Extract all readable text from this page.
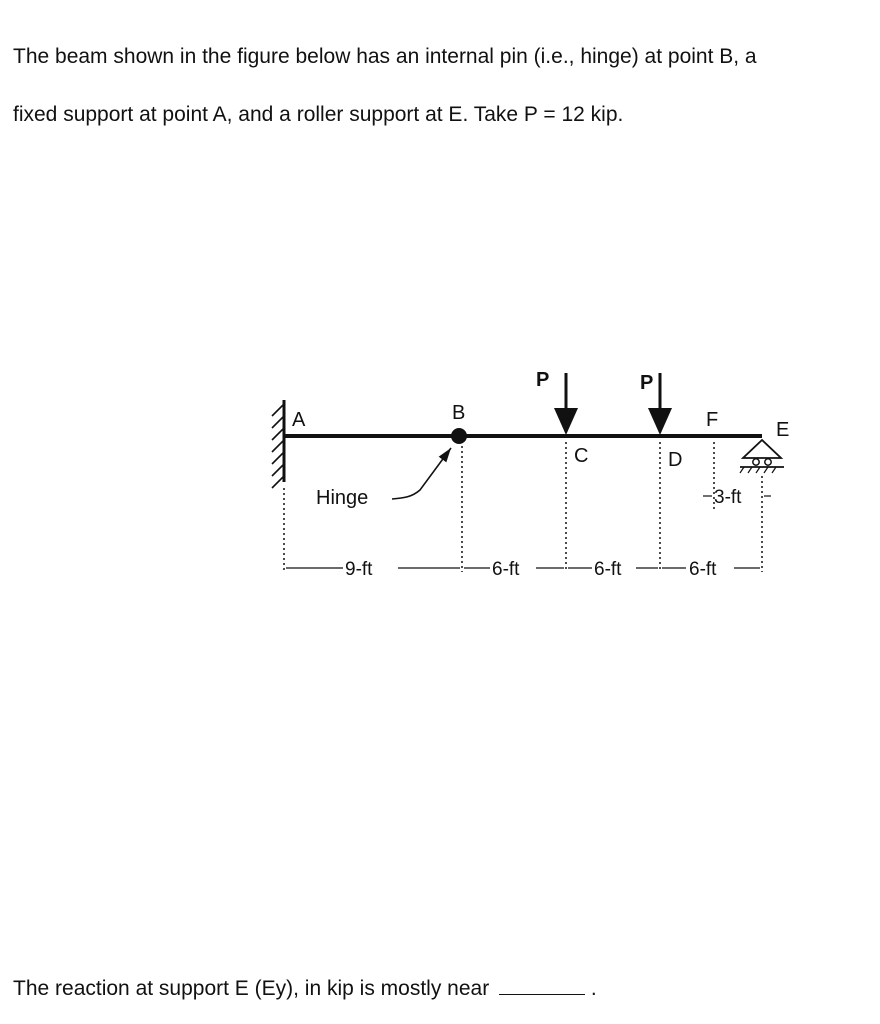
The beam shown in the figure below has an internal pin (i.e., hinge) at point B, a

fixed support at point A, and a roller support at E. Take P = 12 kip.

A	B
C	D
F	E
P	P
Hinge
9-ft	6-ft	6-ft	6-ft
3-ft
The reaction at support E (Ey), in kip is mostly near	.
